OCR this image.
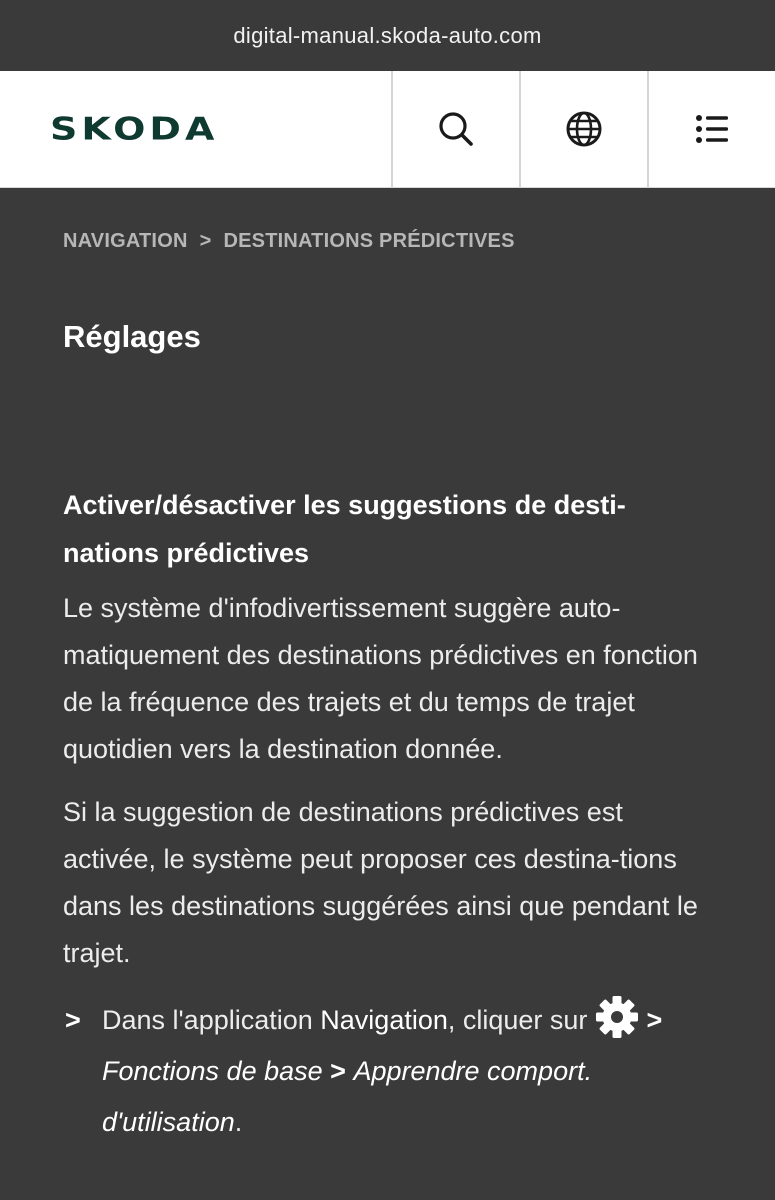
digital-manual.skoda-auto.com
SKODA
NAVIGATION > DESTINATIONS PRÉDICTIVES
Réglages
Activer/désactiver les suggestions de desti-nations prédictives
Le système d'infodivertissement suggère auto-matiquement des destinations prédictives en fonction de la fréquence des trajets et du temps de trajet quotidien vers la destination donnée.
Si la suggestion de destinations prédictives est activée, le système peut proposer ces destina-tions dans les destinations suggérées ainsi que pendant le trajet.
> Dans l'application Navigation, cliquer sur > Fonctions de base > Apprendre comport. d'utilisation.
